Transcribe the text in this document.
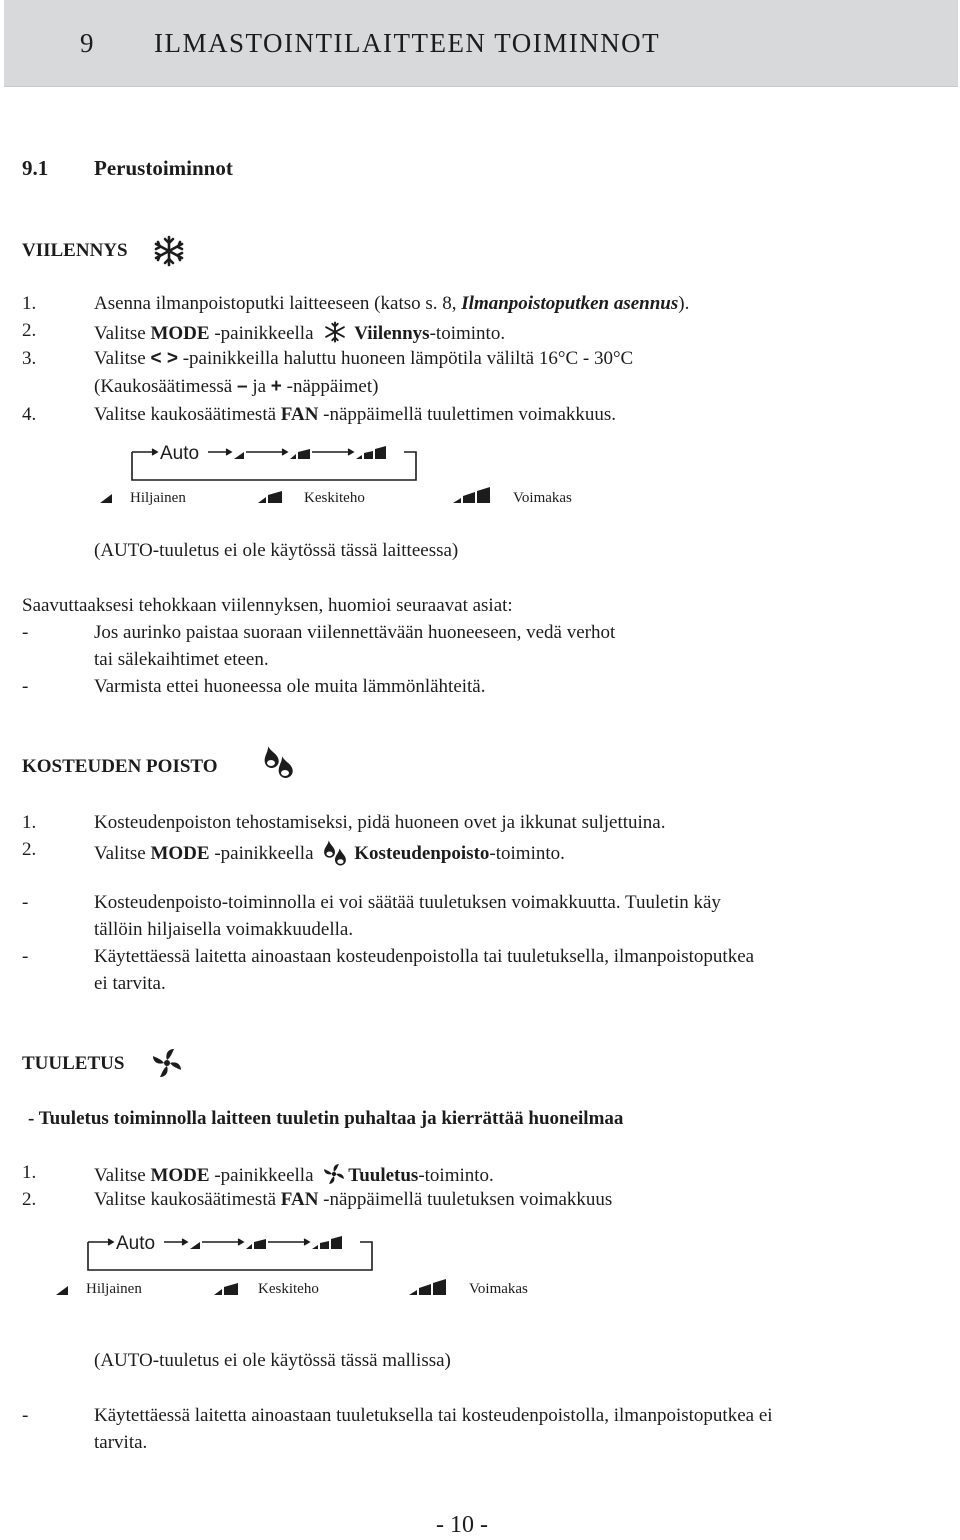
9 ILMASTOINTILAITTEEN TOIMINNOT
9.1 Perustoiminnot
VIILENNYS
1.	Asenna ilmanpoistoputki laitteeseen (katso s. 8, Ilmanpoistoputken asennus).
2.	Valitse MODE -painikkeella Viilennys-toiminto.
3.	Valitse < > -painikkeilla haluttu huoneen lämpötila väliltä 16°C - 30°C
(Kaukosäätimessä – ja + -näppäimet)
4.	Valitse kaukosäätimestä FAN -näppäimellä tuulettimen voimakkuus.
Auto
Hiljainen	Keskiteho	Voimakas
(AUTO-tuuletus ei ole käytössä tässä laitteessa)
Saavuttaaksesi tehokkaan viilennyksen, huomioi seuraavat asiat:
-	Jos aurinko paistaa suoraan viilennettävään huoneeseen, vedä verhot
tai sälekaihtimet eteen.
-	Varmista ettei huoneessa ole muita lämmönlähteitä.
KOSTEUDEN POISTO
1.	Kosteudenpoiston tehostamiseksi, pidä huoneen ovet ja ikkunat suljettuina.
2.	Valitse MODE -painikkeella Kosteudenpoisto-toiminto.
-	Kosteudenpoisto-toiminnolla ei voi säätää tuuletuksen voimakkuutta. Tuuletin käy
tällöin hiljaisella voimakkuudella.
-	Käytettäessä laitetta ainoastaan kosteudenpoistolla tai tuuletuksella, ilmanpoistoputkea
ei tarvita.
TUULETUS
- Tuuletus toiminnolla laitteen tuuletin puhaltaa ja kierrättää huoneilmaa
1.	Valitse MODE -painikkeella Tuuletus-toiminto.
2.	Valitse kaukosäätimestä FAN -näppäimellä tuuletuksen voimakkuus
Auto
Hiljainen	Keskiteho	Voimakas
(AUTO-tuuletus ei ole käytössä tässä mallissa)
-	Käytettäessä laitetta ainoastaan tuuletuksella tai kosteudenpoistolla, ilmanpoistoputkea ei
tarvita.
- 10 -
